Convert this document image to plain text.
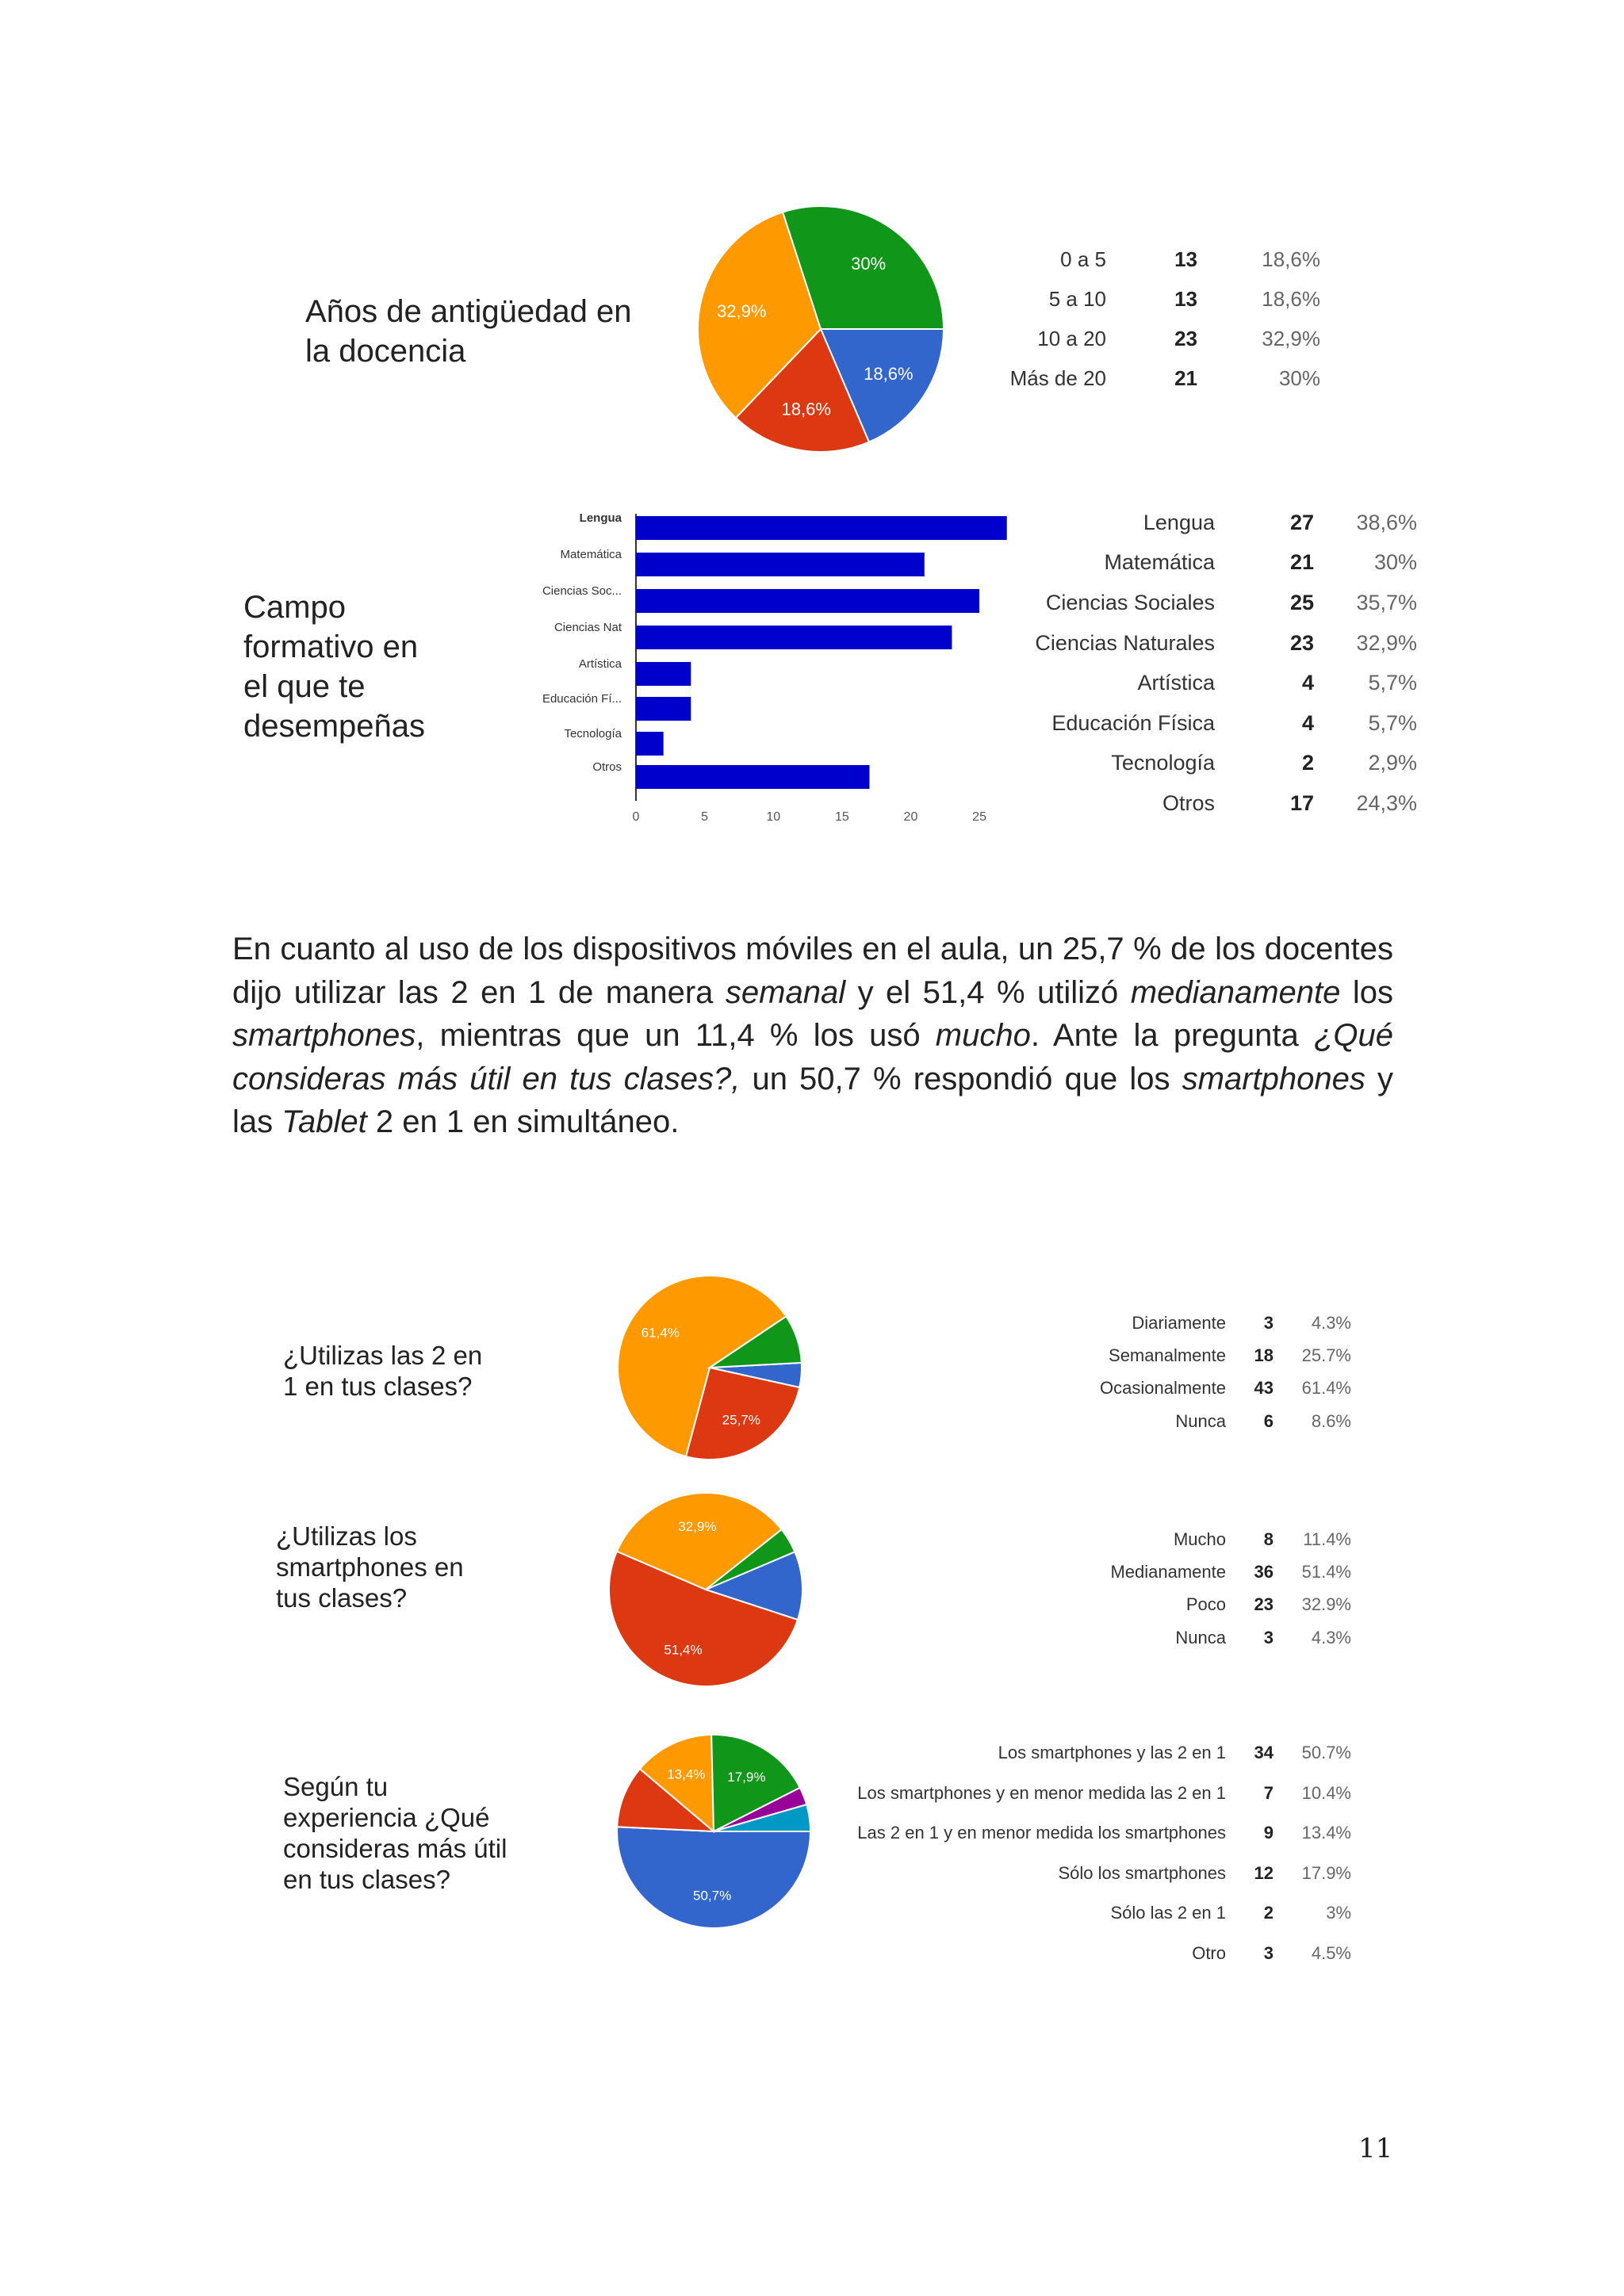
Años de antigüedad en
la docencia
18,6%
18,6%
32,9%
30%	0 a 5	13	18,6%
5 a 10	13	18,6%
10 a 20	23	32,9%
Más de 20	21	30%
Campo
formativo en
el que te
desempeñas
Lengua
Matemática
Ciencias Soc...
Ciencias Nat
Artística
Educación Fí...
Tecnología
Otros
0	5	10	15	20	25
Lengua	27	38,6%
Matemática	21	30%
Ciencias Sociales	25	35,7%
Ciencias Naturales	23	32,9%
Artística	4	5,7%
Educación Física	4	5,7%
Tecnología	2	2,9%
Otros	17	24,3%
En cuanto al uso de los dispositivos móviles en el aula, un 25,7 % de los docentes dijo utilizar las 2 en 1 de manera semanal y el 51,4 % utilizó medianamente los smartphones, mientras que un 11,4 % los usó mucho. Ante la pregunta ¿Qué consideras más útil en tus clases?, un 50,7 % respondió que los smartphones y las Tablet 2 en 1 en simultáneo.
¿Utilizas las 2 en
1 en tus clases?
25,7%
61,4%
Diariamente	3	4.3%
Semanalmente	18	25.7%
Ocasionalmente	43	61.4%
Nunca	6	8.6%
¿Utilizas los
smartphones en
tus clases?
51,4%
32,9%
Mucho	8	11.4%
Medianamente	36	51.4%
Poco	23	32.9%
Nunca	3	4.3%
Según tu
experiencia ¿Qué
consideras más útil
en tus clases?
50,7%
13,4% 17,9%
Los smartphones y las 2 en 1	34	50.7%
Los smartphones y en menor medida las 2 en 1	7	10.4%
Las 2 en 1 y en menor medida los smartphones	9	13.4%
Sólo los smartphones	12	17.9%
Sólo las 2 en 1	2	3%
Otro	3	4.5%
11
